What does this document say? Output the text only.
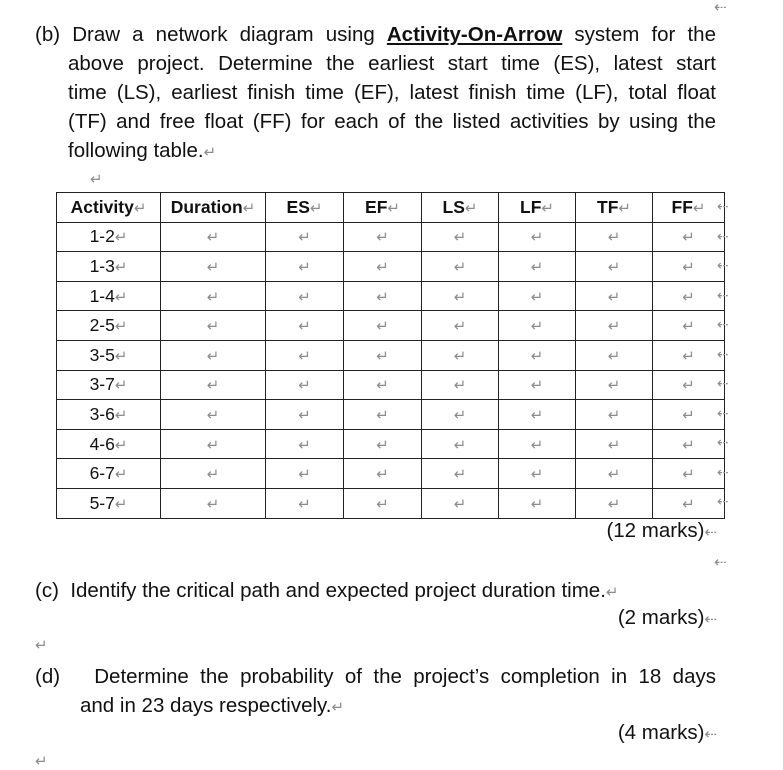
⇠
(b) Draw a network diagram using Activity-On-Arrow system for the
above project. Determine the earliest start time (ES), latest start
time (LS), earliest finish time (EF), latest finish time (LF), total float
(TF) and free float (FF) for each of the listed activities by using the
following table.↵
↵
Activity↵	Duration↵	ES↵	EF↵	LS↵	LF↵	TF↵	FF↵
1-2↵	↵	↵	↵	↵	↵	↵	↵
1-3↵	↵	↵	↵	↵	↵	↵	↵
1-4↵	↵	↵	↵	↵	↵	↵	↵
2-5↵	↵	↵	↵	↵	↵	↵	↵
3-5↵	↵	↵	↵	↵	↵	↵	↵
3-7↵	↵	↵	↵	↵	↵	↵	↵
3-6↵	↵	↵	↵	↵	↵	↵	↵
4-6↵	↵	↵	↵	↵	↵	↵	↵
6-7↵	↵	↵	↵	↵	↵	↵	↵
5-7↵	↵	↵	↵	↵	↵	↵	↵
⇠
⇠
⇠
⇠
⇠
⇠
⇠
⇠
⇠
⇠
⇠
(12 marks)⇠
⇠
(c) Identify the critical path and expected project duration time.↵
(2 marks)⇠
↵
(d) Determine the probability of the project’s completion in 18 days
and in 23 days respectively.↵
(4 marks)⇠
↵
